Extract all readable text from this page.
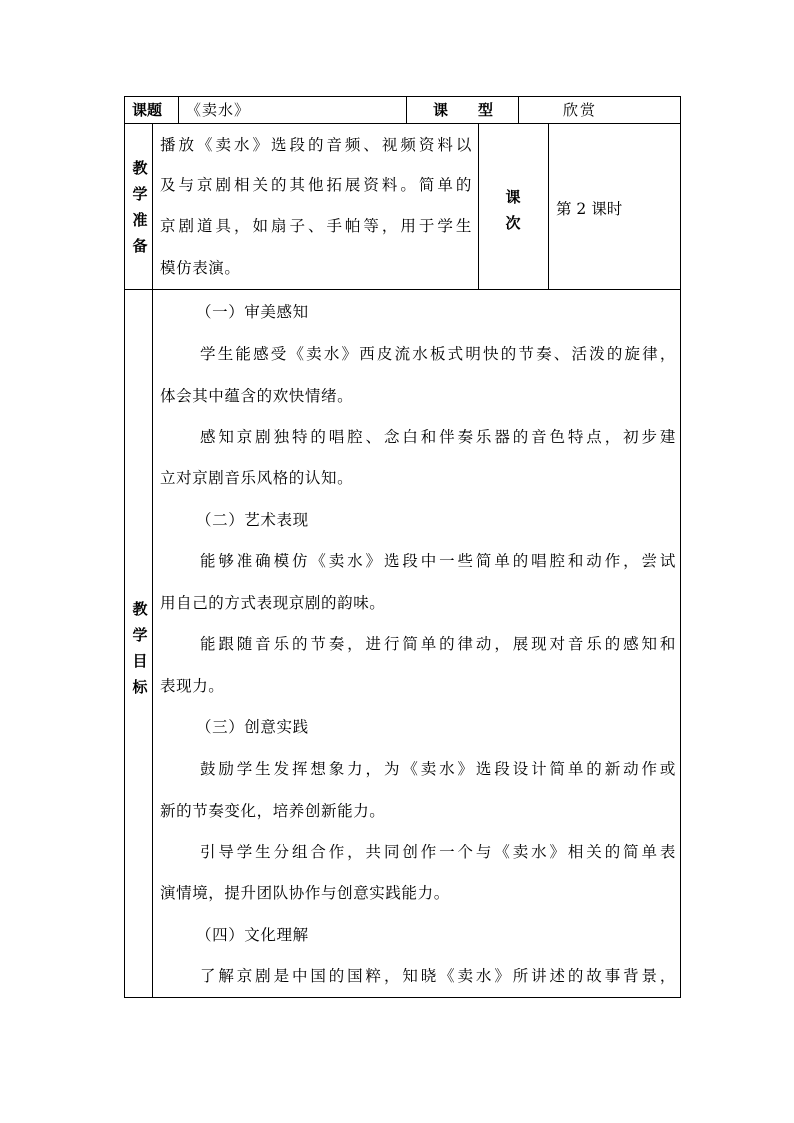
课题 《卖水》	课　　型	欣赏
教学准备
播放《卖水》选段的音频、视频资料以
及与京剧相关的其他拓展资料。简单的
京剧道具，如扇子、手帕等，用于学生
模仿表演。
课次
第 2 课时
教学目标
（一）审美感知
学生能感受《卖水》西皮流水板式明快的节奏、活泼的旋律，
体会其中蕴含的欢快情绪。
感知京剧独特的唱腔、念白和伴奏乐器的音色特点，初步建
立对京剧音乐风格的认知。
（二）艺术表现
能够准确模仿《卖水》选段中一些简单的唱腔和动作，尝试
用自己的方式表现京剧的韵味。
能跟随音乐的节奏，进行简单的律动，展现对音乐的感知和
表现力。
（三）创意实践
鼓励学生发挥想象力，为《卖水》选段设计简单的新动作或
新的节奏变化，培养创新能力。
引导学生分组合作，共同创作一个与《卖水》相关的简单表
演情境，提升团队协作与创意实践能力。
（四）文化理解
了解京剧是中国的国粹，知晓《卖水》所讲述的故事背景，
